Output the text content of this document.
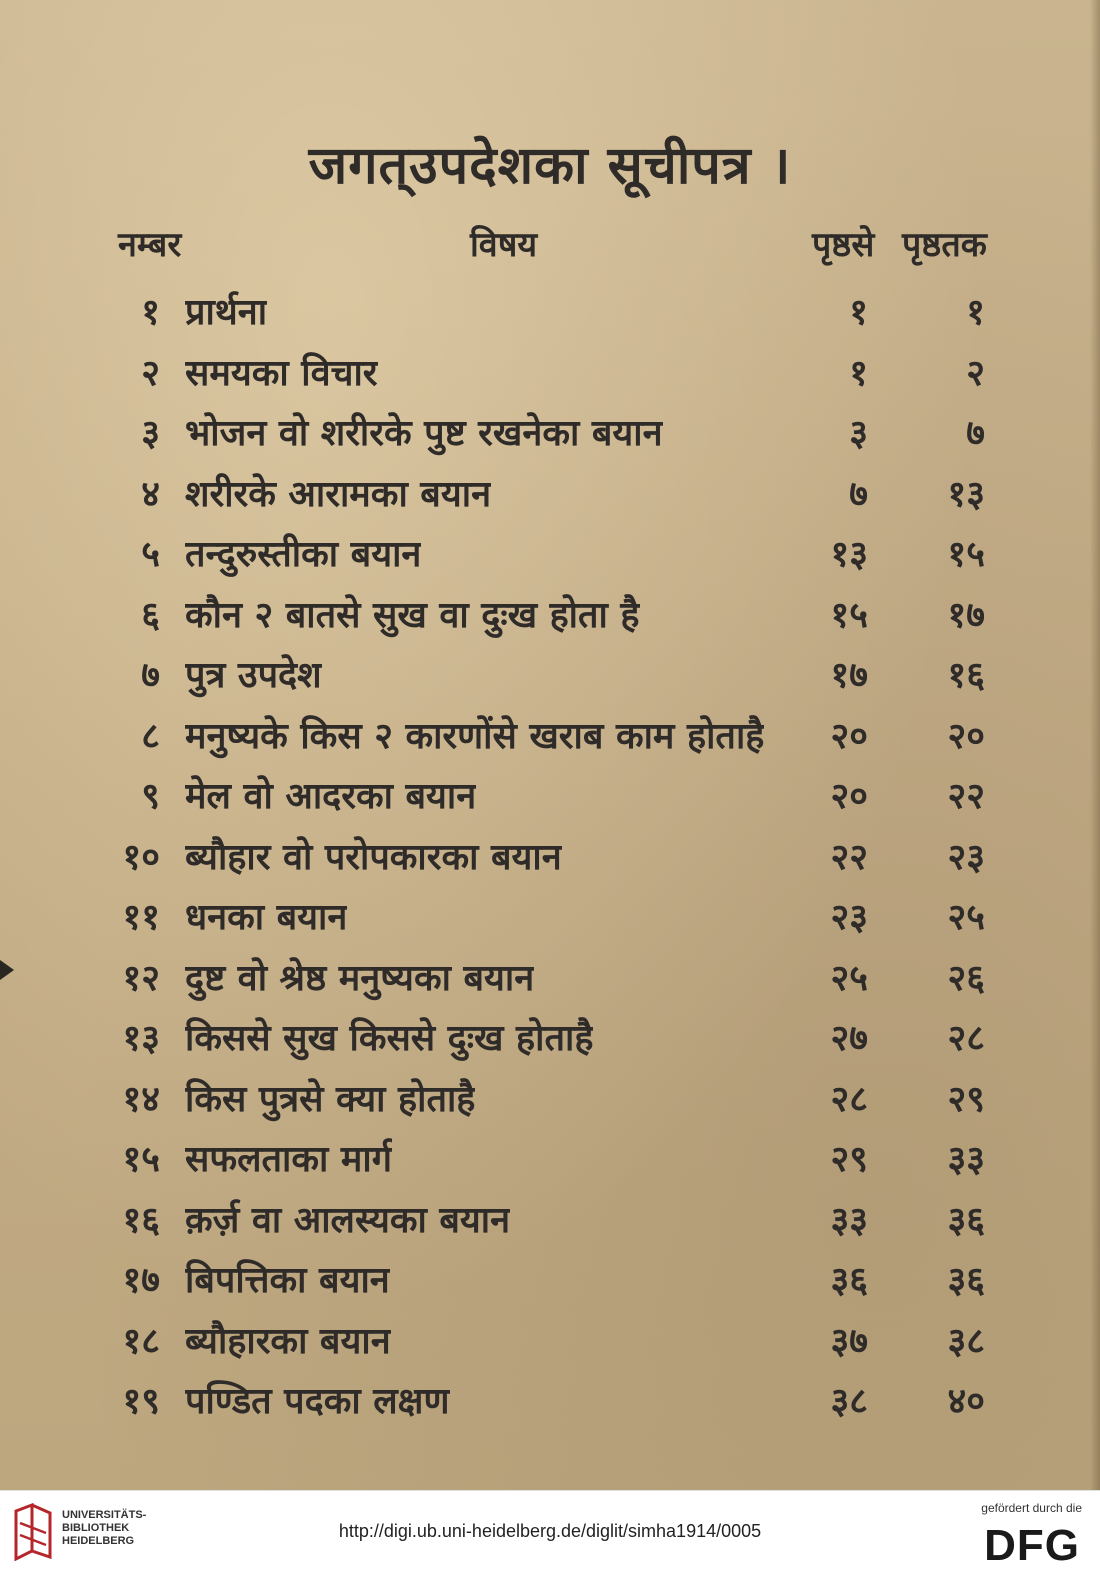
जगत्उपदेशका सूचीपत्र ।
नम्बर	विषय	पृष्ठसे पृष्ठतक
१ प्रार्थना	१	१
२ समयका विचार	१	२
३ भोजन वो शरीरके पुष्ट रखनेका बयान	३	७
४ शरीरके आरामका बयान	७ १३
५ तन्दुरुस्तीका बयान	१३ १५
६ कौन २ बातसे सुख वा दुःख होता है	१५ १७
७ पुत्र उपदेश	१७ १६
८ मनुष्यके किस २ कारणोंसे खराब काम होताहै २० २०
९ मेल वो आदरका बयान	२० २२
१० ब्यौहार वो परोपकारका बयान	२२ २३
११ धनका बयान	२३ २५
१२ दुष्ट वो श्रेष्ठ मनुष्यका बयान	२५ २६
१३ किससे सुख किससे दुःख होताहै	२७ २८
१४ किस पुत्रसे क्या होताहै	२८ २९
१५ सफलताका मार्ग	२९ ३३
१६ क़र्ज़ वा आलस्यका बयान	३३ ३६
१७ बिपत्तिका बयान	३६ ३६
१८ ब्यौहारका बयान	३७ ३८
१९ पण्डित पदका लक्षण	३८ ४०
UNIVERSITÄTS-
BIBLIOTHEK
HEIDELBERG	http://digi.ub.uni-heidelberg.de/diglit/simha1914/0005
gefördert durch die
DFG
